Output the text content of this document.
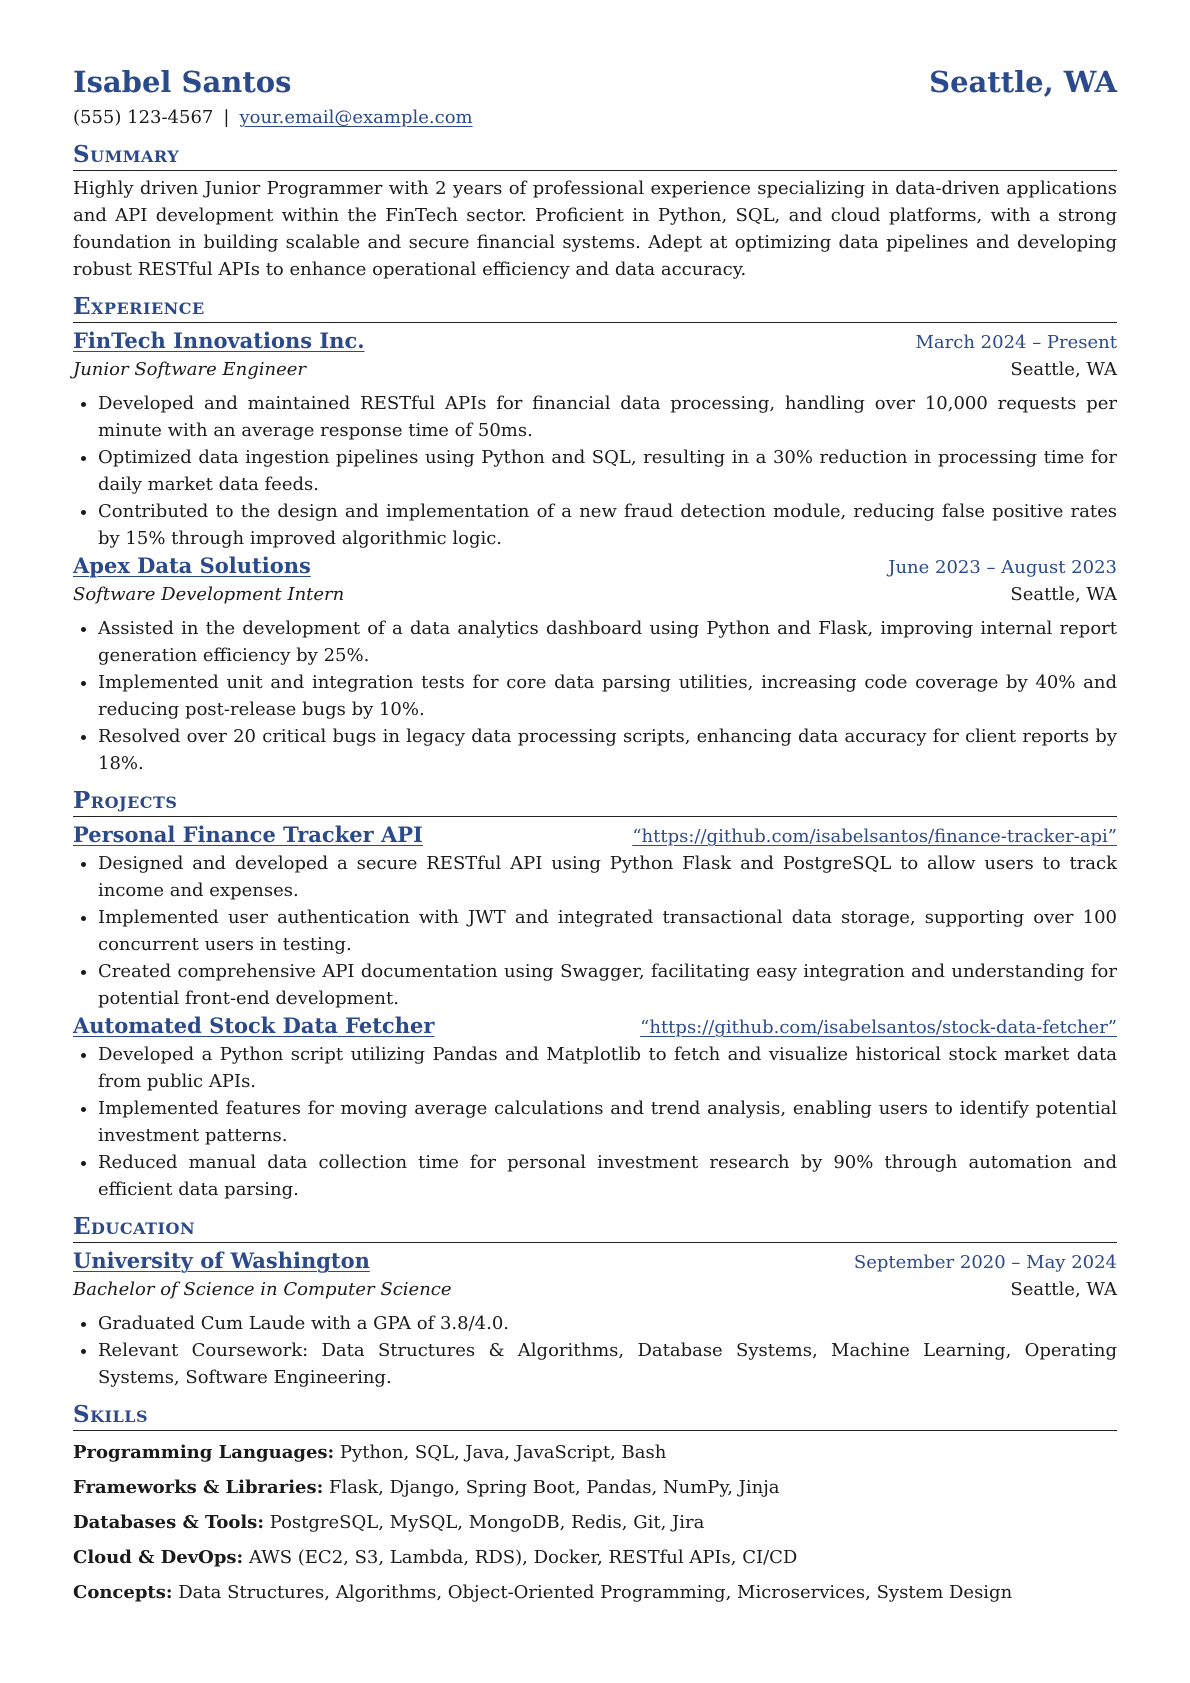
Isabel Santos	Seattle, WA
(555) 123-4567 | your.email@example.com
Summary
Highly driven Junior Programmer with 2 years of professional experience specializing in data-driven applications and API development within the FinTech sector. Proficient in Python, SQL, and cloud platforms, with a strong foundation in building scalable and secure financial systems. Adept at optimizing data pipelines and developing robust RESTful APIs to enhance operational efficiency and data accuracy.
Experience
FinTech Innovations Inc.	March 2024 – Present
Junior Software Engineer	Seattle, WA
• Developed and maintained RESTful APIs for financial data processing, handling over 10,000 requests per minute with an average response time of 50ms.
• Optimized data ingestion pipelines using Python and SQL, resulting in a 30% reduction in processing time for daily market data feeds.
• Contributed to the design and implementation of a new fraud detection module, reducing false positive rates by 15% through improved algorithmic logic.
Apex Data Solutions	June 2023 – August 2023
Software Development Intern	Seattle, WA
• Assisted in the development of a data analytics dashboard using Python and Flask, improving internal report generation efficiency by 25%.
• Implemented unit and integration tests for core data parsing utilities, increasing code coverage by 40% and reducing post-release bugs by 10%.
• Resolved over 20 critical bugs in legacy data processing scripts, enhancing data accuracy for client reports by 18%.
Projects
Personal Finance Tracker API	“https://github.com/isabelsantos/finance-tracker-api”
• Designed and developed a secure RESTful API using Python Flask and PostgreSQL to allow users to track income and expenses.
• Implemented user authentication with JWT and integrated transactional data storage, supporting over 100 concurrent users in testing.
• Created comprehensive API documentation using Swagger, facilitating easy integration and understanding for potential front-end development.
Automated Stock Data Fetcher	“https://github.com/isabelsantos/stock-data-fetcher”
• Developed a Python script utilizing Pandas and Matplotlib to fetch and visualize historical stock market data from public APIs.
• Implemented features for moving average calculations and trend analysis, enabling users to identify potential investment patterns.
• Reduced manual data collection time for personal investment research by 90% through automation and efficient data parsing.
Education
University of Washington	September 2020 – May 2024
Bachelor of Science in Computer Science	Seattle, WA
• Graduated Cum Laude with a GPA of 3.8/4.0.
• Relevant Coursework: Data Structures & Algorithms, Database Systems, Machine Learning, Operating Systems, Software Engineering.
Skills
Programming Languages: Python, SQL, Java, JavaScript, Bash
Frameworks & Libraries: Flask, Django, Spring Boot, Pandas, NumPy, Jinja
Databases & Tools: PostgreSQL, MySQL, MongoDB, Redis, Git, Jira
Cloud & DevOps: AWS (EC2, S3, Lambda, RDS), Docker, RESTful APIs, CI/CD
Concepts: Data Structures, Algorithms, Object-Oriented Programming, Microservices, System Design
